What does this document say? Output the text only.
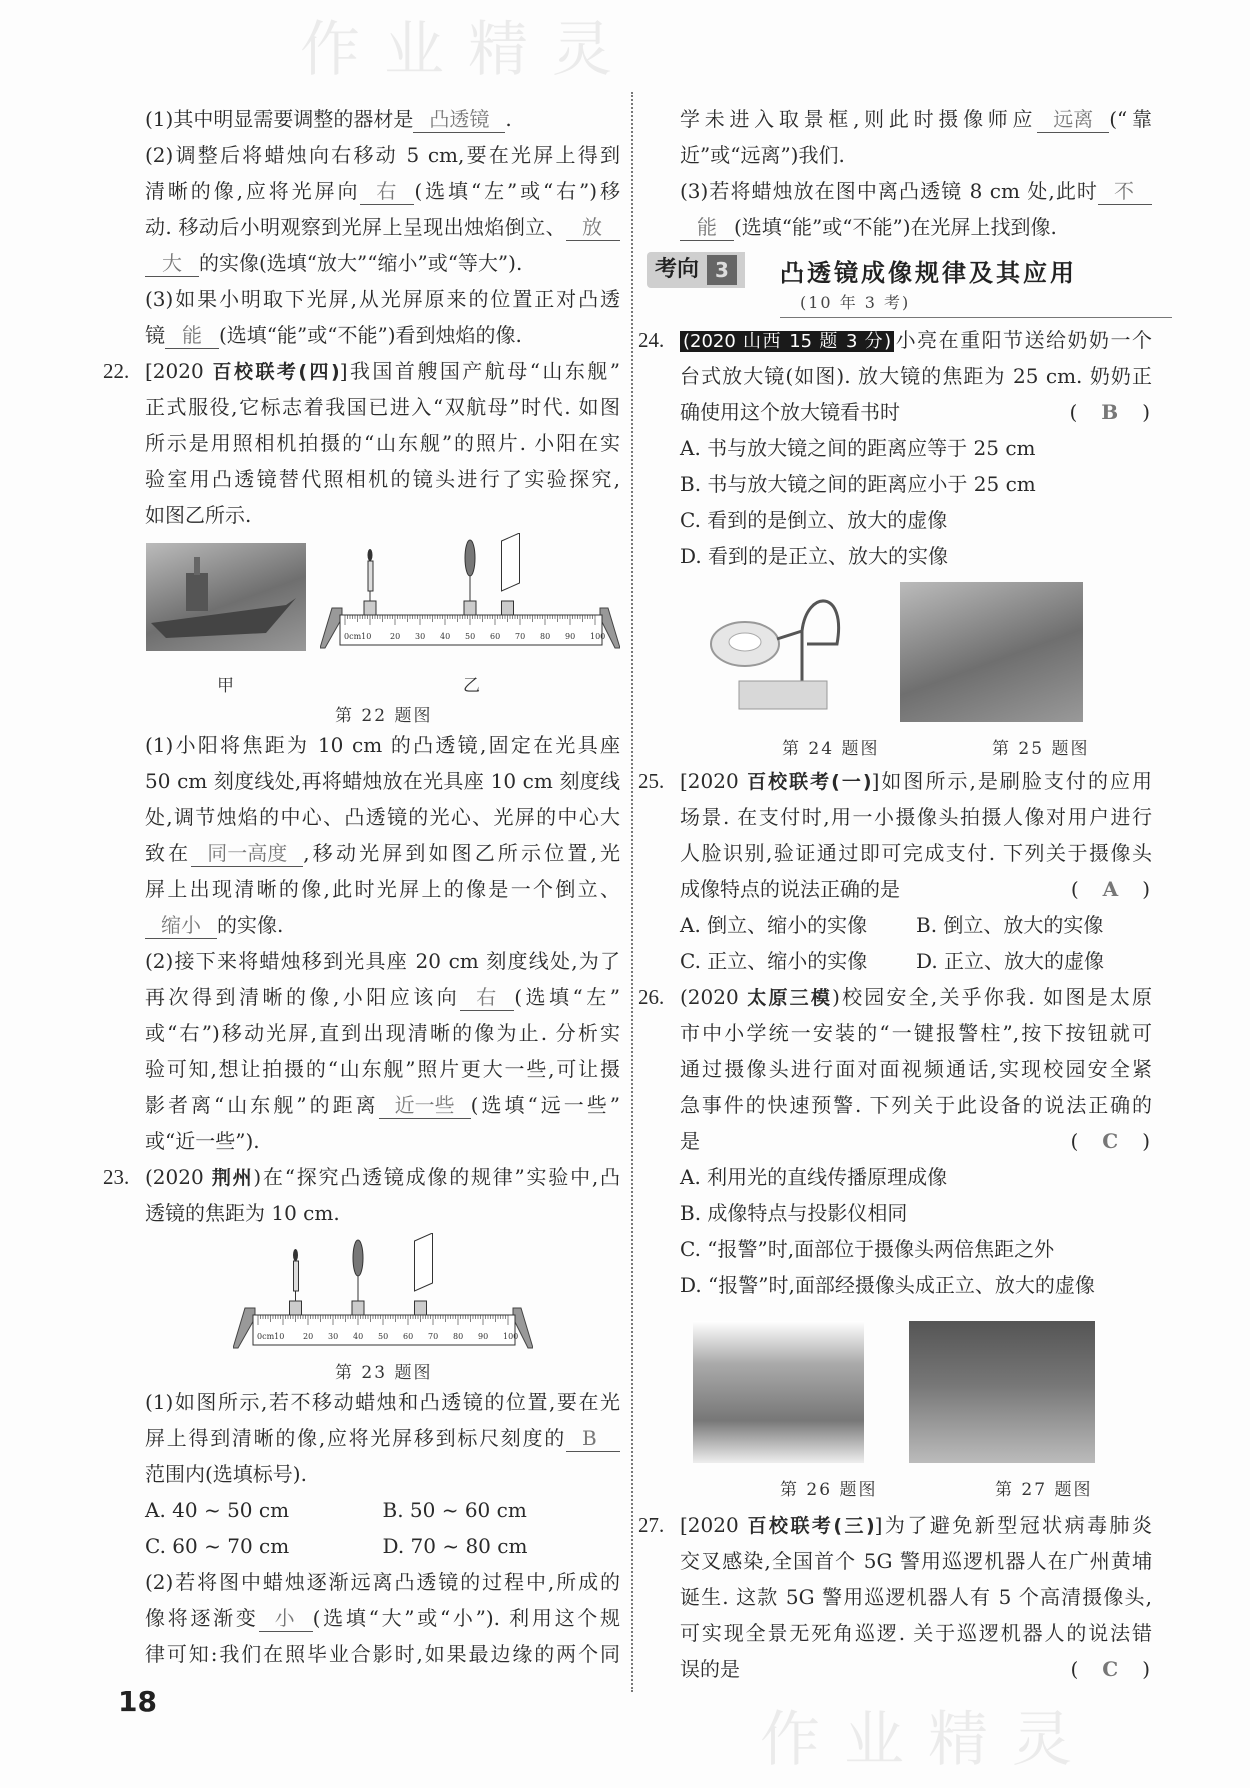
作业精灵
作业精灵
(1)其中明显需要调整的器材是 凸透镜 .
(2)调整后将蜡烛向右移动 5 cm,要在光屏上得到
清晰的像,应将光屏向 右 (选填“左”或“右”)移
动. 移动后小明观察到光屏上呈现出烛焰倒立、 放
大 的实像(选填“放大”“缩小”或“等大”).
(3)如果小明取下光屏,从光屏原来的位置正对凸透
镜 能 (选填“能”或“不能”)看到烛焰的像.
22. [2020 百校联考(四)]我国首艘国产航母“山东舰”
正式服役,它标志着我国已进入“双航母”时代. 如图
所示是用照相机拍摄的“山东舰”的照片. 小阳在实
验室用凸透镜替代照相机的镜头进行了实验探究,
如图乙所示.
0cm10 20 30 40 50 60 70 80 90 100
甲	乙
第 22 题图
(1)小阳将焦距为 10 cm 的凸透镜,固定在光具座
50 cm 刻度线处,再将蜡烛放在光具座 10 cm 刻度线
处,调节烛焰的中心、凸透镜的光心、光屏的中心大
致在 同一高度 ,移动光屏到如图乙所示位置,光
屏上出现清晰的像,此时光屏上的像是一个倒立、
缩小 的实像.
(2)接下来将蜡烛移到光具座 20 cm 刻度线处,为了
再次得到清晰的像,小阳应该向 右 (选填“左”
或“右”)移动光屏,直到出现清晰的像为止. 分析实
验可知,想让拍摄的“山东舰”照片更大一些,可让摄
影者离“山东舰”的距离 近一些 (选填“远一些”
或“近一些”).
23. (2020 荆州)在“探究凸透镜成像的规律”实验中,凸
透镜的焦距为 10 cm.
0cm10 20 30 40 50 60 70 80 90 100
第 23 题图
(1)如图所示,若不移动蜡烛和凸透镜的位置,要在光
屏上得到清晰的像,应将光屏移到标尺刻度的 B
范围内(选填标号).
A. 40 ~ 50 cm	B. 50 ~ 60 cm
C. 60 ~ 70 cm	D. 70 ~ 80 cm
(2)若将图中蜡烛逐渐远离凸透镜的过程中,所成的
像将逐渐变 小 (选填“大”或“小”). 利用这个规
律可知:我们在照毕业合影时,如果最边缘的两个同
学未进入取景框,则此时摄像师应 远离 (“靠
近”或“远离”)我们.
(3)若将蜡烛放在图中离凸透镜 8 cm 处,此时 不
能 (选填“能”或“不能”)在光屏上找到像.
考向 3	凸透镜成像规律及其应用
(10 年 3 考)
24. (2020 山西 15 题 3 分) 小亮在重阳节送给奶奶一个
台式放大镜(如图). 放大镜的焦距为 25 cm. 奶奶正
确使用这个放大镜看书时	( B )
A. 书与放大镜之间的距离应等于 25 cm
B. 书与放大镜之间的距离应小于 25 cm
C. 看到的是倒立、放大的虚像
D. 看到的是正立、放大的实像
第 24 题图	第 25 题图
25. [2020 百校联考(一)]如图所示,是刷脸支付的应用
场景. 在支付时,用一小摄像头拍摄人像对用户进行
人脸识别,验证通过即可完成支付. 下列关于摄像头
成像特点的说法正确的是	( A )
A. 倒立、缩小的实像 B. 倒立、放大的实像
C. 正立、缩小的实像 D. 正立、放大的虚像
26. (2020 太原三模)校园安全,关乎你我. 如图是太原
市中小学统一安装的“一键报警柱”,按下按钮就可
通过摄像头进行面对面视频通话,实现校园安全紧
急事件的快速预警. 下列关于此设备的说法正确的
是	( C )
A. 利用光的直线传播原理成像
B. 成像特点与投影仪相同
C. “报警”时,面部位于摄像头两倍焦距之外
D. “报警”时,面部经摄像头成正立、放大的虚像
第 26 题图	第 27 题图
27. [2020 百校联考(三)]为了避免新型冠状病毒肺炎
交叉感染,全国首个 5G 警用巡逻机器人在广州黄埔
诞生. 这款 5G 警用巡逻机器人有 5 个高清摄像头,
可实现全景无死角巡逻. 关于巡逻机器人的说法错
误的是	( C )
18
